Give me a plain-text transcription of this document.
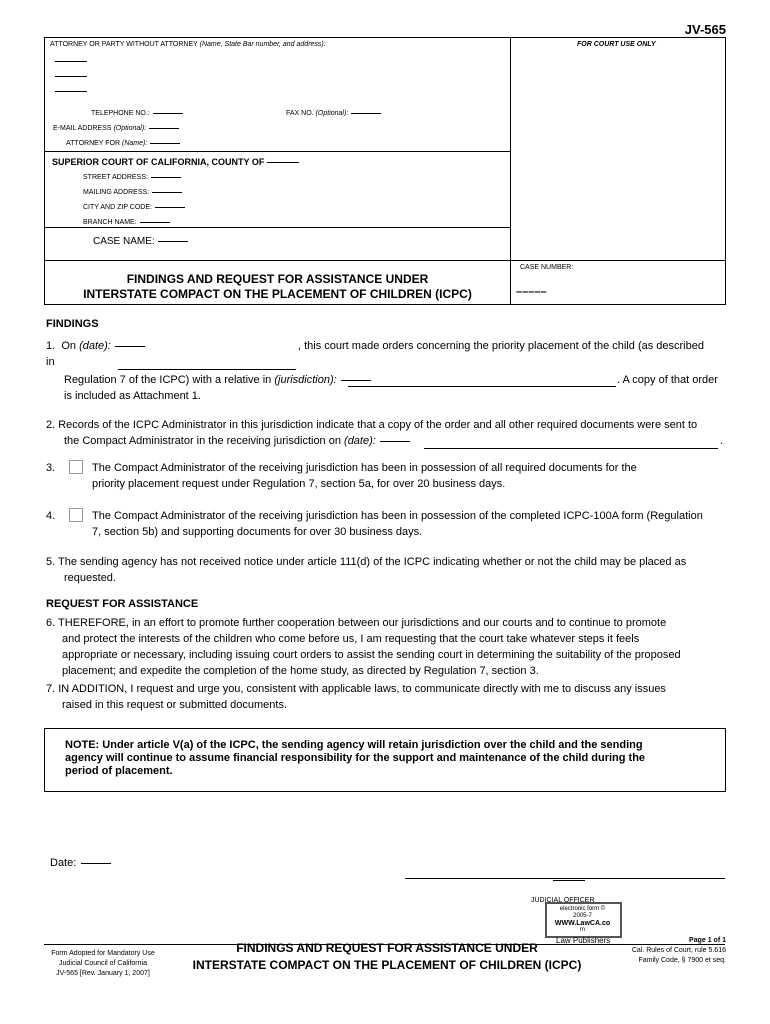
JV-565
ATTORNEY OR PARTY WITHOUT ATTORNEY (Name, State Bar number, and address):	FOR COURT USE ONLY
TELEPHONE NO.:	FAX NO. (Optional):
E-MAIL ADDRESS (Optional):
ATTORNEY FOR (Name):
SUPERIOR COURT OF CALIFORNIA, COUNTY OF
STREET ADDRESS:
MAILING ADDRESS:
CITY AND ZIP CODE:
BRANCH NAME:
CASE NAME:
FINDINGS AND REQUEST FOR ASSISTANCE UNDER
INTERSTATE COMPACT ON THE PLACEMENT OF CHILDREN (ICPC)
CASE NUMBER:
–––––
FINDINGS
1. On (date):	, this court made orders concerning the priority placement of the child (as described
in
Regulation 7 of the ICPC) with a relative in (jurisdiction):	. A copy of that order
is included as Attachment 1.
2. Records of the ICPC Administrator in this jurisdiction indicate that a copy of the order and all other required documents were sent to
the Compact Administrator in the receiving jurisdiction on (date):	.
3.	The Compact Administrator of the receiving jurisdiction has been in possession of all required documents for the
priority placement request under Regulation 7, section 5a, for over 20 business days.
4.	The Compact Administrator of the receiving jurisdiction has been in possession of the completed ICPC-100A form (Regulation
7, section 5b) and supporting documents for over 30 business days.
5. The sending agency has not received notice under article 111(d) of the ICPC indicating whether or not the child may be placed as
requested.
REQUEST FOR ASSISTANCE
6. THEREFORE, in an effort to promote further cooperation between our jurisdictions and our courts and to continue to promote
and protect the interests of the children who come before us, I am requesting that the court take whatever steps it feels
appropriate or necessary, including issuing court orders to assist the sending court in determining the suitability of the proposed
placement; and expedite the completion of the home study, as directed by Regulation 7, section 3.
7. IN ADDITION, I request and urge you, consistent with applicable laws, to communicate directly with me to discuss any issues
raised in this request or submitted documents.
NOTE: Under article V(a) of the ICPC, the sending agency will retain jurisdiction over the child and the sending
agency will continue to assume financial responsibility for the support and maintenance of the child during the
period of placement.
Date:
JUDICIAL OFFICER
electronic form ©
2005-7
WWW.LawCA.co
m
Law Publishers
Form Adopted for Mandatory Use
Judicial Council of California
JV-565 [Rev. January 1, 2007]
FINDINGS AND REQUEST FOR ASSISTANCE UNDER
INTERSTATE COMPACT ON THE PLACEMENT OF CHILDREN (ICPC)
Page 1 of 1
Cal. Rules of Court, rule 5.616
Family Code, § 7900 et seq.
